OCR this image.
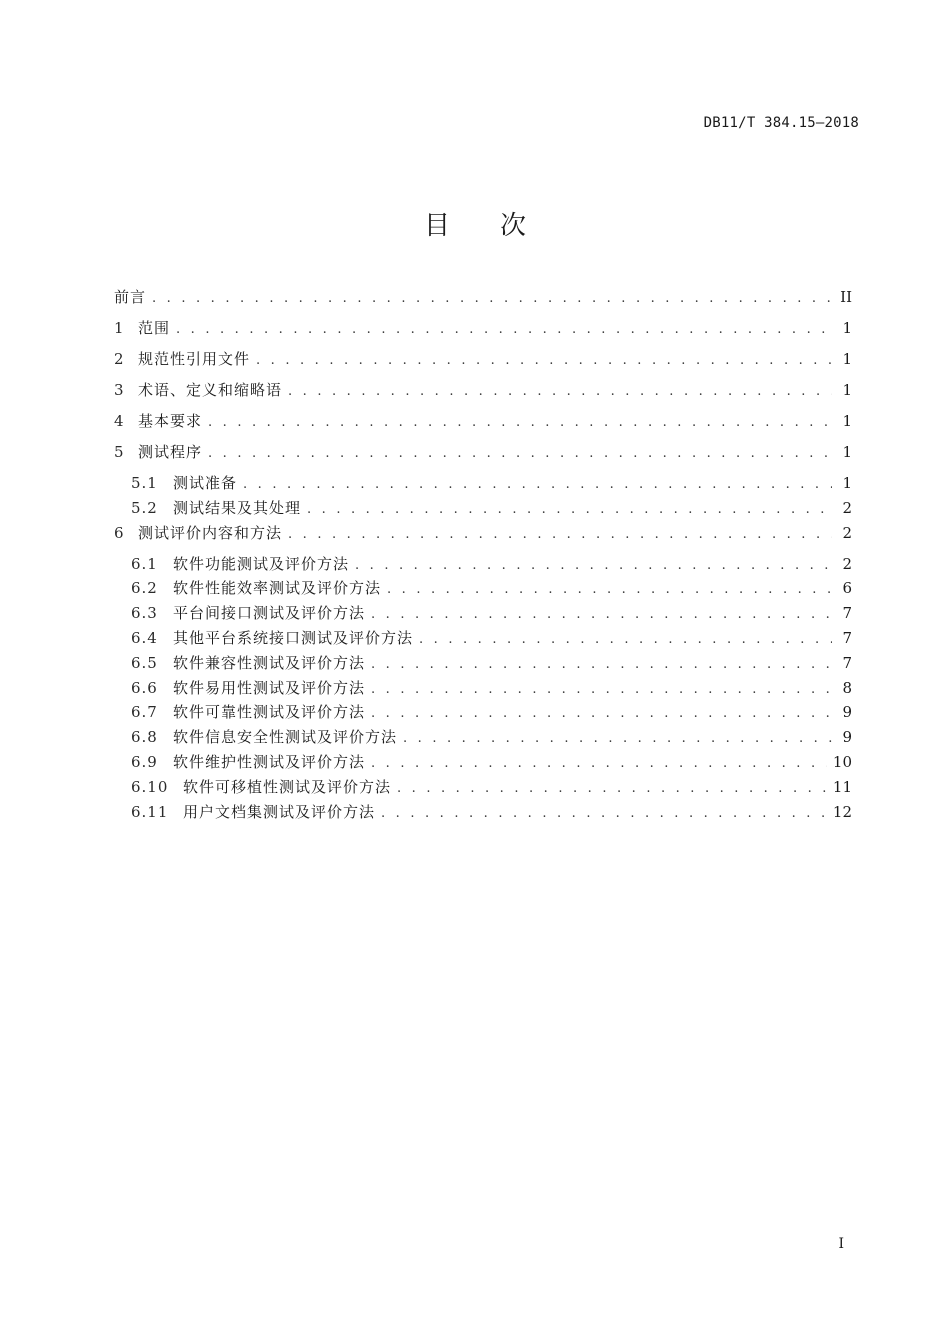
DB11/T 384.15—2018
目次
前言 . . .	II
1 范围 . . .	1
2 规范性引用文件 . . .	1
3 术语、定义和缩略语 . . .	1
4 基本要求 . . .	1
5 测试程序 . . .	1
5.1	测试准备 . . .	1
5.2	测试结果及其处理 . . .	2
6 测试评价内容和方法 . . .	2
6.1	软件功能测试及评价方法 . . .	2
6.2	软件性能效率测试及评价方法 . . .	6
6.3	平台间接口测试及评价方法 . . .	7
6.4	其他平台系统接口测试及评价方法 . . .	7
6.5	软件兼容性测试及评价方法 . . .	7
6.6	软件易用性测试及评价方法 . . .	8
6.7	软件可靠性测试及评价方法 . . .	9
6.8	软件信息安全性测试及评价方法 . . .	9
6.9	软件维护性测试及评价方法 . . .	10
6.10 软件可移植性测试及评价方法 . . .	11
6.11 用户文档集测试及评价方法 . . .	12
I
